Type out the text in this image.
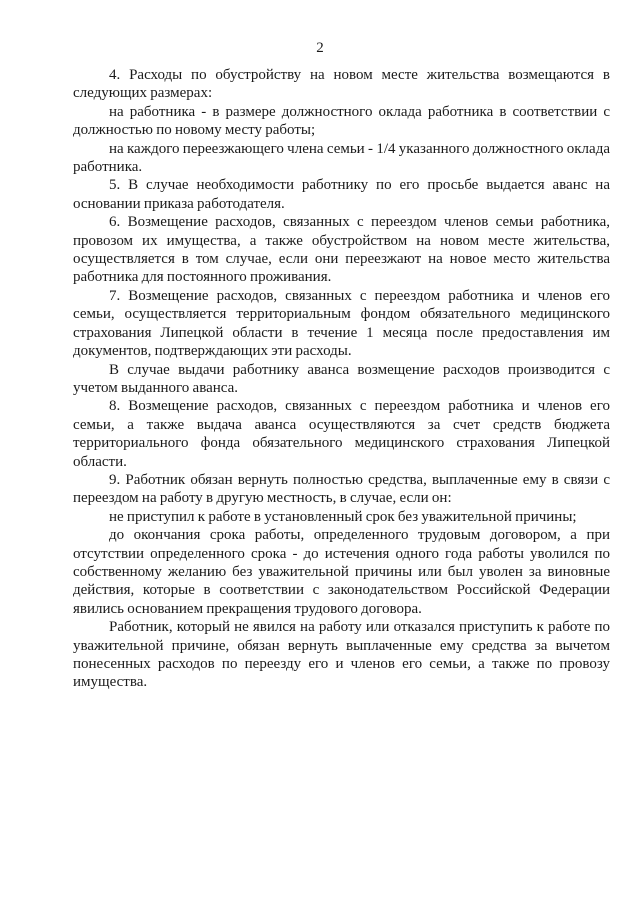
2

4. Расходы по обустройству на новом месте жительства возмещаются в следующих размерах:

на работника - в размере должностного оклада работника в соответствии с должностью по новому месту работы;

на каждого переезжающего члена семьи - 1/4 указанного должностного оклада работника.

5. В случае необходимости работнику по его просьбе выдается аванс на основании приказа работодателя.

6. Возмещение расходов, связанных с переездом членов семьи работника, провозом их имущества, а также обустройством на новом месте жительства, осуществляется в том случае, если они переезжают на новое место жительства работника для постоянного проживания.

7. Возмещение расходов, связанных с переездом работника и членов его семьи, осуществляется территориальным фондом обязательного медицинского страхования Липецкой области в течение 1 месяца после предоставления им документов, подтверждающих эти расходы.

В случае выдачи работнику аванса возмещение расходов производится с учетом выданного аванса.

8. Возмещение расходов, связанных с переездом работника и членов его семьи, а также выдача аванса осуществляются за счет средств бюджета территориального фонда обязательного медицинского страхования Липецкой области.

9. Работник обязан вернуть полностью средства, выплаченные ему в связи с переездом на работу в другую местность, в случае, если он:

не приступил к работе в установленный срок без уважительной причины;

до окончания срока работы, определенного трудовым договором, а при отсутствии определенного срока - до истечения одного года работы уволился по собственному желанию без уважительной причины или был уволен за виновные действия, которые в соответствии с законодательством Российской Федерации явились основанием прекращения трудового договора.

Работник, который не явился на работу или отказался приступить к работе по уважительной причине, обязан вернуть выплаченные ему средства за вычетом понесенных расходов по переезду его и членов его семьи, а также по провозу имущества.
